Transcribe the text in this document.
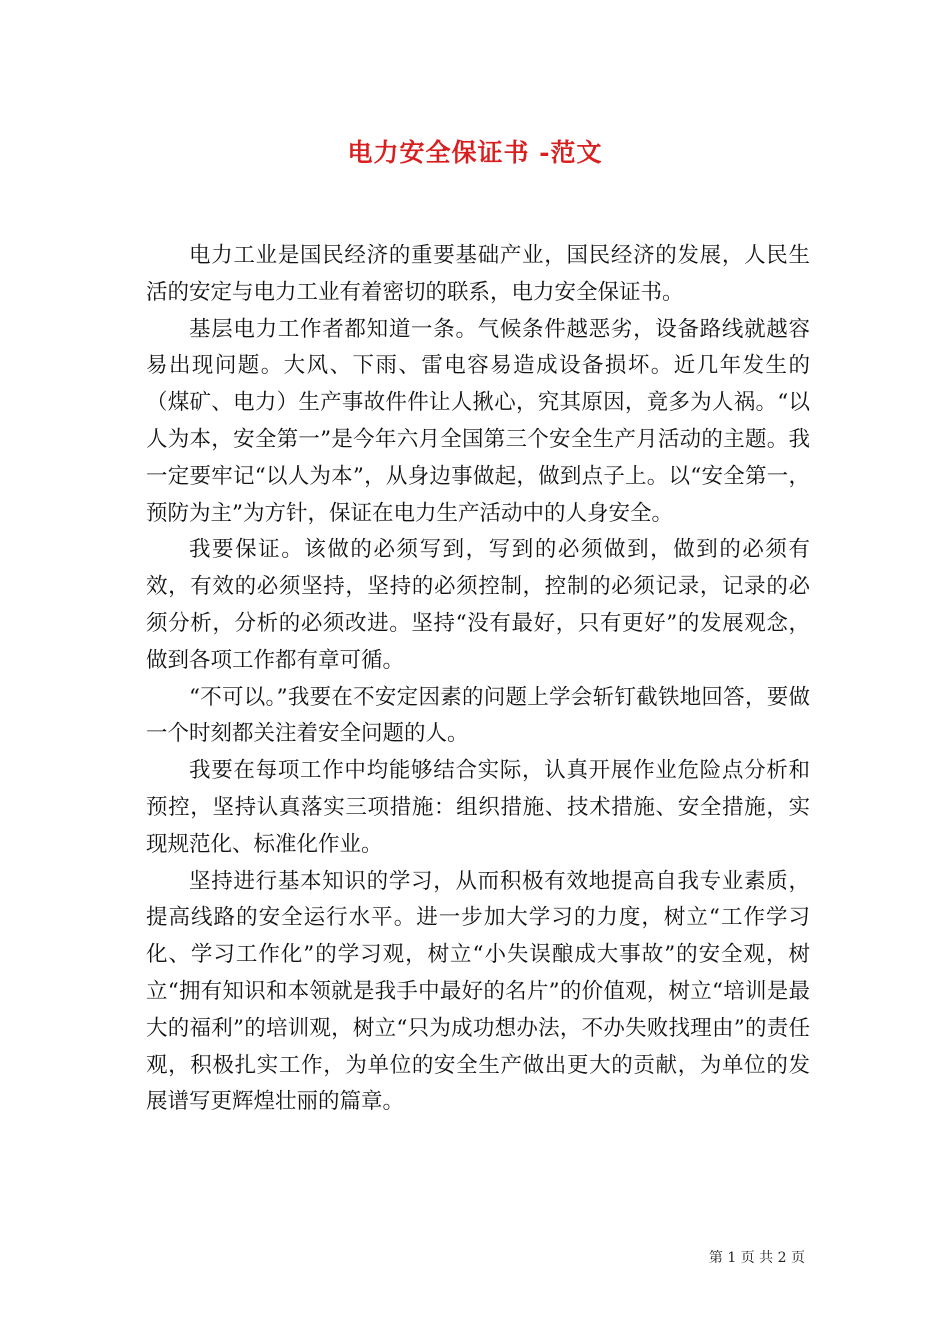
电力安全保证书 -范文

电力工业是国民经济的重要基础产业，国民经济的发展，人民生活的安定与电力工业有着密切的联系，电力安全保证书。

基层电力工作者都知道一条。气候条件越恶劣，设备路线就越容易出现问题。大风、下雨、雷电容易造成设备损坏。近几年发生的（煤矿、电力）生产事故件件让人揪心，究其原因，竟多为人祸。“以人为本，安全第一”是今年六月全国第三个安全生产月活动的主题。我一定要牢记“以人为本”，从身边事做起，做到点子上。以“安全第一，预防为主”为方针，保证在电力生产活动中的人身安全。

我要保证。该做的必须写到，写到的必须做到，做到的必须有效，有效的必须坚持，坚持的必须控制，控制的必须记录，记录的必须分析，分析的必须改进。坚持“没有最好，只有更好”的发展观念，做到各项工作都有章可循。

“不可以。”我要在不安定因素的问题上学会斩钉截铁地回答，要做一个时刻都关注着安全问题的人。

我要在每项工作中均能够结合实际，认真开展作业危险点分析和预控，坚持认真落实三项措施：组织措施、技术措施、安全措施，实现规范化、标准化作业。

坚持进行基本知识的学习，从而积极有效地提高自我专业素质，提高线路的安全运行水平。进一步加大学习的力度，树立“工作学习化、学习工作化”的学习观，树立“小失误酿成大事故”的安全观，树立“拥有知识和本领就是我手中最好的名片”的价值观，树立“培训是最大的福利”的培训观，树立“只为成功想办法，不办失败找理由”的责任观，积极扎实工作，为单位的安全生产做出更大的贡献，为单位的发展谱写更辉煌壮丽的篇章。

第 1 页 共 2 页
